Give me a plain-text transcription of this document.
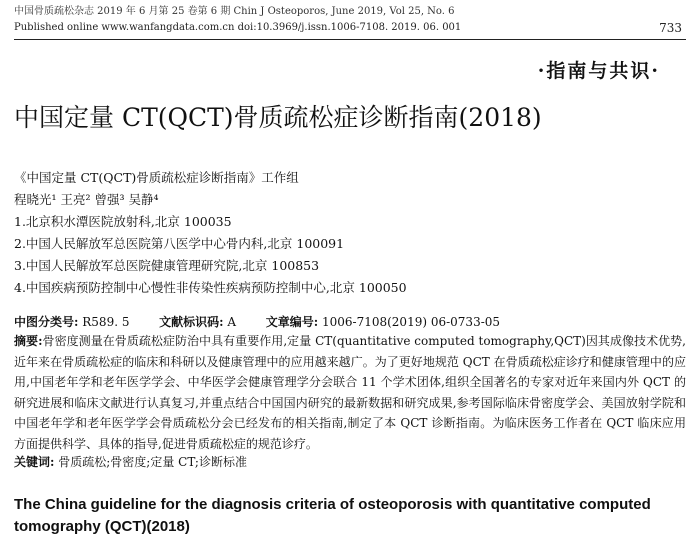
中国骨质疏松杂志 2019 年 6 月第 25 卷第 6 期 Chin J Osteoporos, June 2019, Vol 25, No. 6
Published online www.wanfangdata.com.cn doi:10.3969/j.issn.1006-7108. 2019. 06. 001	733
·指南与共识·
中国定量 CT(QCT)骨质疏松症诊断指南(2018)
《中国定量 CT(QCT)骨质疏松症诊断指南》工作组
程晓光¹ 王亮² 曾强³ 吴静⁴
1.北京积水潭医院放射科,北京 100035
2.中国人民解放军总医院第八医学中心骨内科,北京 100091
3.中国人民解放军总医院健康管理研究院,北京 100853
4.中国疾病预防控制中心慢性非传染性疾病预防控制中心,北京 100050
中图分类号: R589. 5 文献标识码: A 文章编号: 1006-7108(2019) 06-0733-05
摘要:骨密度测量在骨质疏松症防治中具有重要作用,定量 CT(quantitative computed tomography,QCT)因其成像技术优势,近年来在骨质疏松症的临床和科研以及健康管理中的应用越来越广。为了更好地规范 QCT 在骨质疏松症诊疗和健康管理中的应用,中国老年学和老年医学学会、中华医学会健康管理学分会联合 11 个学术团体,组织全国著名的专家对近年来国内外 QCT 的研究进展和临床文献进行认真复习,并重点结合中国国内研究的最新数据和研究成果,参考国际临床骨密度学会、美国放射学院和中国老年学和老年医学学会骨质疏松分会已经发布的相关指南,制定了本 QCT 诊断指南。为临床医务工作者在 QCT 临床应用方面提供科学、具体的指导,促进骨质疏松症的规范诊疗。
关键词: 骨质疏松;骨密度;定量 CT;诊断标准
The China guideline for the diagnosis criteria of osteoporosis with quantitative computed tomography (QCT)(2018)
